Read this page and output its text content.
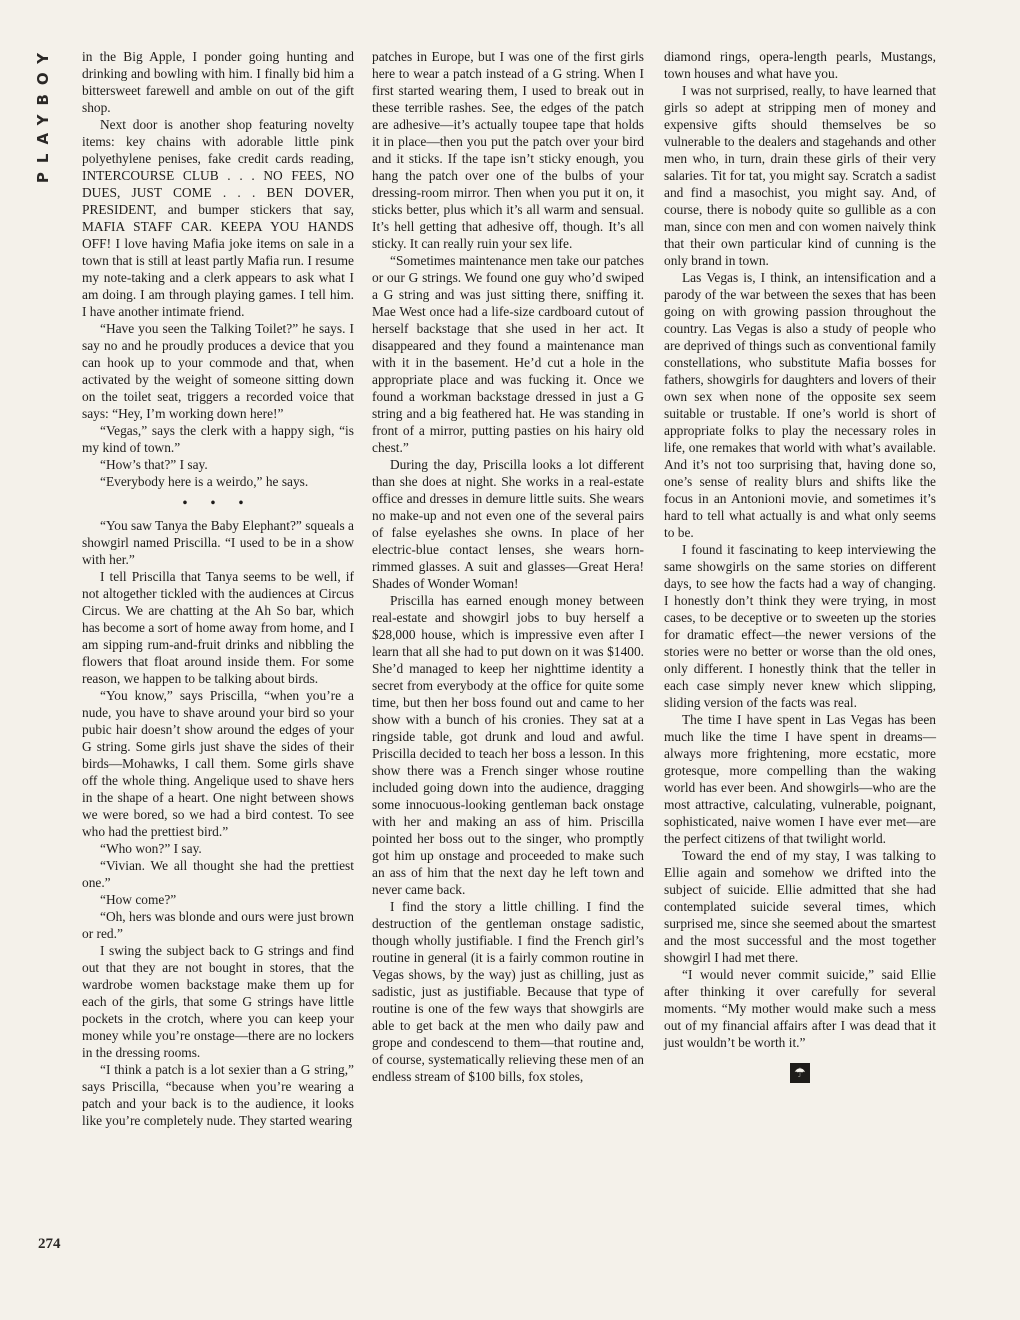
PLAYBOY
274

in the Big Apple, I ponder going hunting and drinking and bowling with him. I finally bid him a bittersweet farewell and amble on out of the gift shop.

Next door is another shop featuring novelty items: key chains with adorable little pink polyethylene penises, fake credit cards reading, INTERCOURSE CLUB . . . NO FEES, NO DUES, JUST COME . . . BEN DOVER, PRESIDENT, and bumper stickers that say, MAFIA STAFF CAR. KEEPA YOU HANDS OFF! I love having Mafia joke items on sale in a town that is still at least partly Mafia run. I resume my note-taking and a clerk appears to ask what I am doing. I am through playing games. I tell him. I have another intimate friend.

“Have you seen the Talking Toilet?” he says. I say no and he proudly produces a device that you can hook up to your commode and that, when activated by the weight of someone sitting down on the toilet seat, triggers a recorded voice that says: “Hey, I’m working down here!”

“Vegas,” says the clerk with a happy sigh, “is my kind of town.”

“How’s that?” I say.

“Everybody here is a weirdo,” he says.

• • •

“You saw Tanya the Baby Elephant?” squeals a showgirl named Priscilla. “I used to be in a show with her.”

I tell Priscilla that Tanya seems to be well, if not altogether tickled with the audiences at Circus Circus. We are chatting at the Ah So bar, which has become a sort of home away from home, and I am sipping rum-and-fruit drinks and nibbling the flowers that float around inside them. For some reason, we happen to be talking about birds.

“You know,” says Priscilla, “when you’re a nude, you have to shave around your bird so your pubic hair doesn’t show around the edges of your G string. Some girls just shave the sides of their birds—Mohawks, I call them. Some girls shave off the whole thing. Angelique used to shave hers in the shape of a heart. One night between shows we were bored, so we had a bird contest. To see who had the prettiest bird.”

“Who won?” I say.

“Vivian. We all thought she had the prettiest one.”

“How come?”

“Oh, hers was blonde and ours were just brown or red.”

I swing the subject back to G strings and find out that they are not bought in stores, that the wardrobe women backstage make them up for each of the girls, that some G strings have little pockets in the crotch, where you can keep your money while you’re onstage—there are no lockers in the dressing rooms.

“I think a patch is a lot sexier than a G string,” says Priscilla, “because when you’re wearing a patch and your back is to the audience, it looks like you’re completely nude. They started wearing

patches in Europe, but I was one of the first girls here to wear a patch instead of a G string. When I first started wearing them, I used to break out in these terrible rashes. See, the edges of the patch are adhesive—it’s actually toupee tape that holds it in place—then you put the patch over your bird and it sticks. If the tape isn’t sticky enough, you hang the patch over one of the bulbs of your dressing-room mirror. Then when you put it on, it sticks better, plus which it’s all warm and sensual. It’s hell getting that adhesive off, though. It’s all sticky. It can really ruin your sex life.

“Sometimes maintenance men take our patches or our G strings. We found one guy who’d swiped a G string and was just sitting there, sniffing it. Mae West once had a life-size cardboard cutout of herself backstage that she used in her act. It disappeared and they found a maintenance man with it in the basement. He’d cut a hole in the appropriate place and was fucking it. Once we found a workman backstage dressed in just a G string and a big feathered hat. He was standing in front of a mirror, putting pasties on his hairy old chest.”

During the day, Priscilla looks a lot different than she does at night. She works in a real-estate office and dresses in demure little suits. She wears no make-up and not even one of the several pairs of false eyelashes she owns. In place of her electric-blue contact lenses, she wears horn-rimmed glasses. A suit and glasses—Great Hera! Shades of Wonder Woman!

Priscilla has earned enough money between real-estate and showgirl jobs to buy herself a $28,000 house, which is impressive even after I learn that all she had to put down on it was $1400. She’d managed to keep her nighttime identity a secret from everybody at the office for quite some time, but then her boss found out and came to her show with a bunch of his cronies. They sat at a ringside table, got drunk and loud and awful. Priscilla decided to teach her boss a lesson. In this show there was a French singer whose routine included going down into the audience, dragging some innocuous-looking gentleman back onstage with her and making an ass of him. Priscilla pointed her boss out to the singer, who promptly got him up onstage and proceeded to make such an ass of him that the next day he left town and never came back.

I find the story a little chilling. I find the destruction of the gentleman onstage sadistic, though wholly justifiable. I find the French girl’s routine in general (it is a fairly common routine in Vegas shows, by the way) just as chilling, just as sadistic, just as justifiable. Because that type of routine is one of the few ways that showgirls are able to get back at the men who daily paw and grope and condescend to them—that routine and, of course, systematically relieving these men of an endless stream of $100 bills, fox stoles,

diamond rings, opera-length pearls, Mustangs, town houses and what have you.

I was not surprised, really, to have learned that girls so adept at stripping men of money and expensive gifts should themselves be so vulnerable to the dealers and stagehands and other men who, in turn, drain these girls of their very salaries. Tit for tat, you might say. Scratch a sadist and find a masochist, you might say. And, of course, there is nobody quite so gullible as a con man, since con men and con women naively think that their own particular kind of cunning is the only brand in town.

Las Vegas is, I think, an intensification and a parody of the war between the sexes that has been going on with growing passion throughout the country. Las Vegas is also a study of people who are deprived of things such as conventional family constellations, who substitute Mafia bosses for fathers, showgirls for daughters and lovers of their own sex when none of the opposite sex seem suitable or trustable. If one’s world is short of appropriate folks to play the necessary roles in life, one remakes that world with what’s available. And it’s not too surprising that, having done so, one’s sense of reality blurs and shifts like the focus in an Antonioni movie, and sometimes it’s hard to tell what actually is and what only seems to be.

I found it fascinating to keep interviewing the same showgirls on the same stories on different days, to see how the facts had a way of changing. I honestly don’t think they were trying, in most cases, to be deceptive or to sweeten up the stories for dramatic effect—the newer versions of the stories were no better or worse than the old ones, only different. I honestly think that the teller in each case simply never knew which slipping, sliding version of the facts was real.

The time I have spent in Las Vegas has been much like the time I have spent in dreams—always more frightening, more ecstatic, more grotesque, more compelling than the waking world has ever been. And showgirls—who are the most attractive, calculating, vulnerable, poignant, sophisticated, naive women I have ever met—are the perfect citizens of that twilight world.

Toward the end of my stay, I was talking to Ellie again and somehow we drifted into the subject of suicide. Ellie admitted that she had contemplated suicide several times, which surprised me, since she seemed about the smartest and the most successful and the most together showgirl I had met there.

“I would never commit suicide,” said Ellie after thinking it over carefully for several moments. “My mother would make such a mess out of my financial affairs after I was dead that it just wouldn’t be worth it.”

☂
